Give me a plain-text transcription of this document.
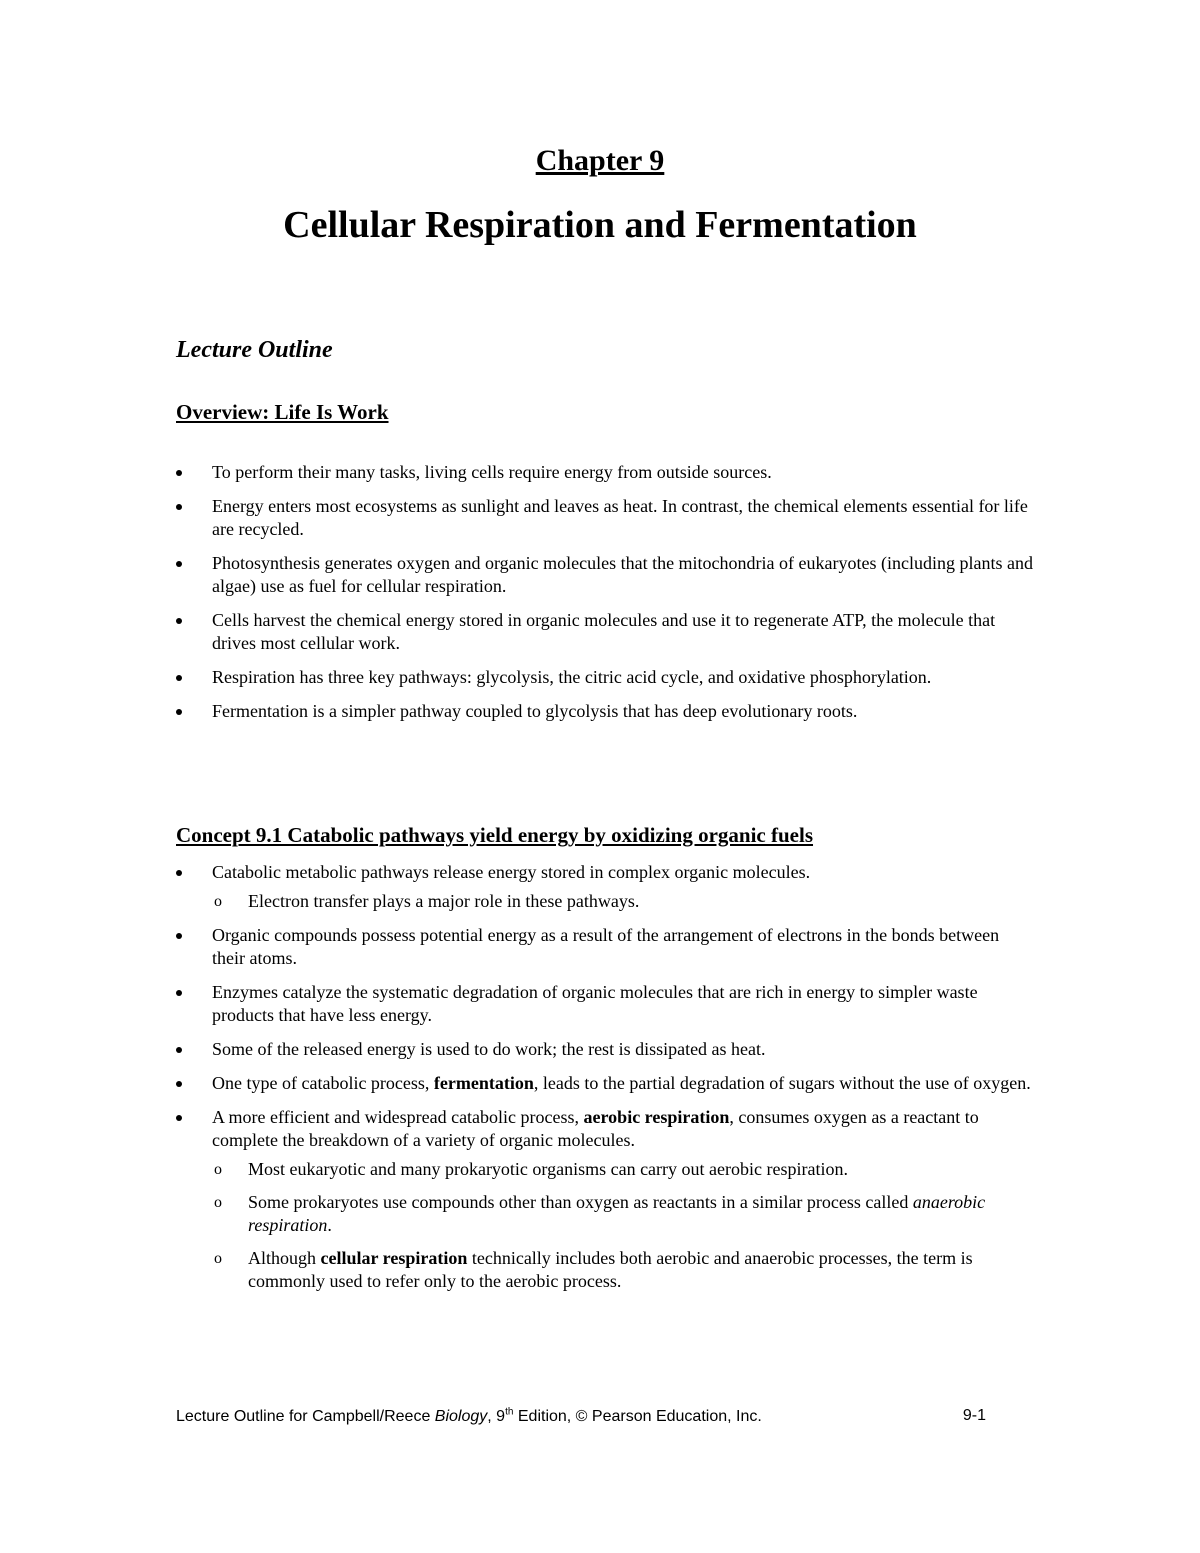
Chapter 9
Cellular Respiration and Fermentation
Lecture Outline
Overview: Life Is Work
To perform their many tasks, living cells require energy from outside sources.
Energy enters most ecosystems as sunlight and leaves as heat. In contrast, the chemical elements essential for life are recycled.
Photosynthesis generates oxygen and organic molecules that the mitochondria of eukaryotes (including plants and algae) use as fuel for cellular respiration.
Cells harvest the chemical energy stored in organic molecules and use it to regenerate ATP, the molecule that drives most cellular work.
Respiration has three key pathways: glycolysis, the citric acid cycle, and oxidative phosphorylation.
Fermentation is a simpler pathway coupled to glycolysis that has deep evolutionary roots.
Concept 9.1 Catabolic pathways yield energy by oxidizing organic fuels
Catabolic metabolic pathways release energy stored in complex organic molecules.
o Electron transfer plays a major role in these pathways.
Organic compounds possess potential energy as a result of the arrangement of electrons in the bonds between their atoms.
Enzymes catalyze the systematic degradation of organic molecules that are rich in energy to simpler waste products that have less energy.
Some of the released energy is used to do work; the rest is dissipated as heat.
One type of catabolic process, fermentation, leads to the partial degradation of sugars without the use of oxygen.
A more efficient and widespread catabolic process, aerobic respiration, consumes oxygen as a reactant to complete the breakdown of a variety of organic molecules.
o Most eukaryotic and many prokaryotic organisms can carry out aerobic respiration.
o Some prokaryotes use compounds other than oxygen as reactants in a similar process called anaerobic respiration.
o Although cellular respiration technically includes both aerobic and anaerobic processes, the term is commonly used to refer only to the aerobic process.
Lecture Outline for Campbell/Reece Biology, 9th Edition, © Pearson Education, Inc.	9-1
